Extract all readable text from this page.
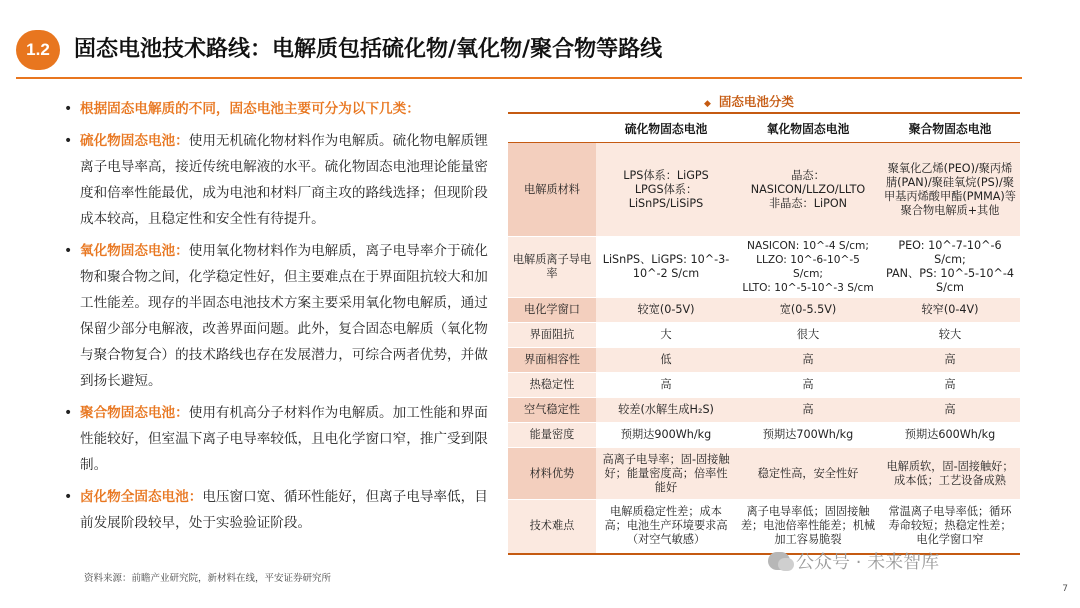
1.2	固态电池技术路线：电解质包括硫化物/氧化物/聚合物等路线
• 根据固态电解质的不同，固态电池主要可分为以下几类：
• 硫化物固态电池：使用无机硫化物材料作为电解质。硫化物电解质锂离子电导率高，接近传统电解液的水平。硫化物固态电池理论能量密度和倍率性能最优，成为电池和材料厂商主攻的路线选择；但现阶段成本较高，且稳定性和安全性有待提升。
• 氧化物固态电池：使用氧化物材料作为电解质，离子电导率介于硫化物和聚合物之间，化学稳定性好，但主要难点在于界面阻抗较大和加工性能差。现存的半固态电池技术方案主要采用氧化物电解质，通过保留少部分电解液，改善界面问题。此外，复合固态电解质（氧化物与聚合物复合）的技术路线也存在发展潜力，可综合两者优势，并做到扬长避短。
• 聚合物固态电池：使用有机高分子材料作为电解质。加工性能和界面性能较好，但室温下离子电导率较低，且电化学窗口窄，推广受到限制。
• 卤化物全固态电池：电压窗口宽、循环性能好，但离子电导率低，目前发展阶段较早，处于实验验证阶段。
资料来源：前瞻产业研究院，新材料在线，平安证券研究所
◆ 固态电池分类
	硫化物固态电池	氧化物固态电池	聚合物固态电池
电解质材料	LPS体系：LiGPS
LPGS体系：
LiSnPS/LiSiPS	晶态：
NASICON/LLZO/LLTO
非晶态：LiPON	聚氧化乙烯(PEO)/聚丙烯腈(PAN)/聚硅氧烷(PS)/聚甲基丙烯酸甲酯(PMMA)等聚合物电解质+其他
电解质离子导电率	LiSnPS、LiGPS: 10^-3-10^-2 S/cm	NASICON: 10^-4 S/cm;
LLZO: 10^-6-10^-5 S/cm;
LLTO: 10^-5-10^-3 S/cm	PEO: 10^-7-10^-6 S/cm;
PAN、PS: 10^-5-10^-4 S/cm
电化学窗口	较宽(0-5V)	宽(0-5.5V)	较窄(0-4V)
界面阻抗	大	很大	较大
界面相容性	低	高	高
热稳定性	高	高	高
空气稳定性	较差(水解生成H₂S)	高	高
能量密度	预期达900Wh/kg	预期达700Wh/kg	预期达600Wh/kg
材料优势	高离子电导率；固-固接触好；能量密度高；倍率性能好	稳定性高，安全性好	电解质软，固-固接触好；成本低；工艺设备成熟
技术难点	电解质稳定性差；成本高；电池生产环境要求高（对空气敏感）	离子电导率低；固固接触差；电池倍率性能差；机械加工容易脆裂	常温离子电导率低；循环寿命较短；热稳定性差；电化学窗口窄
公众号 · 未来智库
7
